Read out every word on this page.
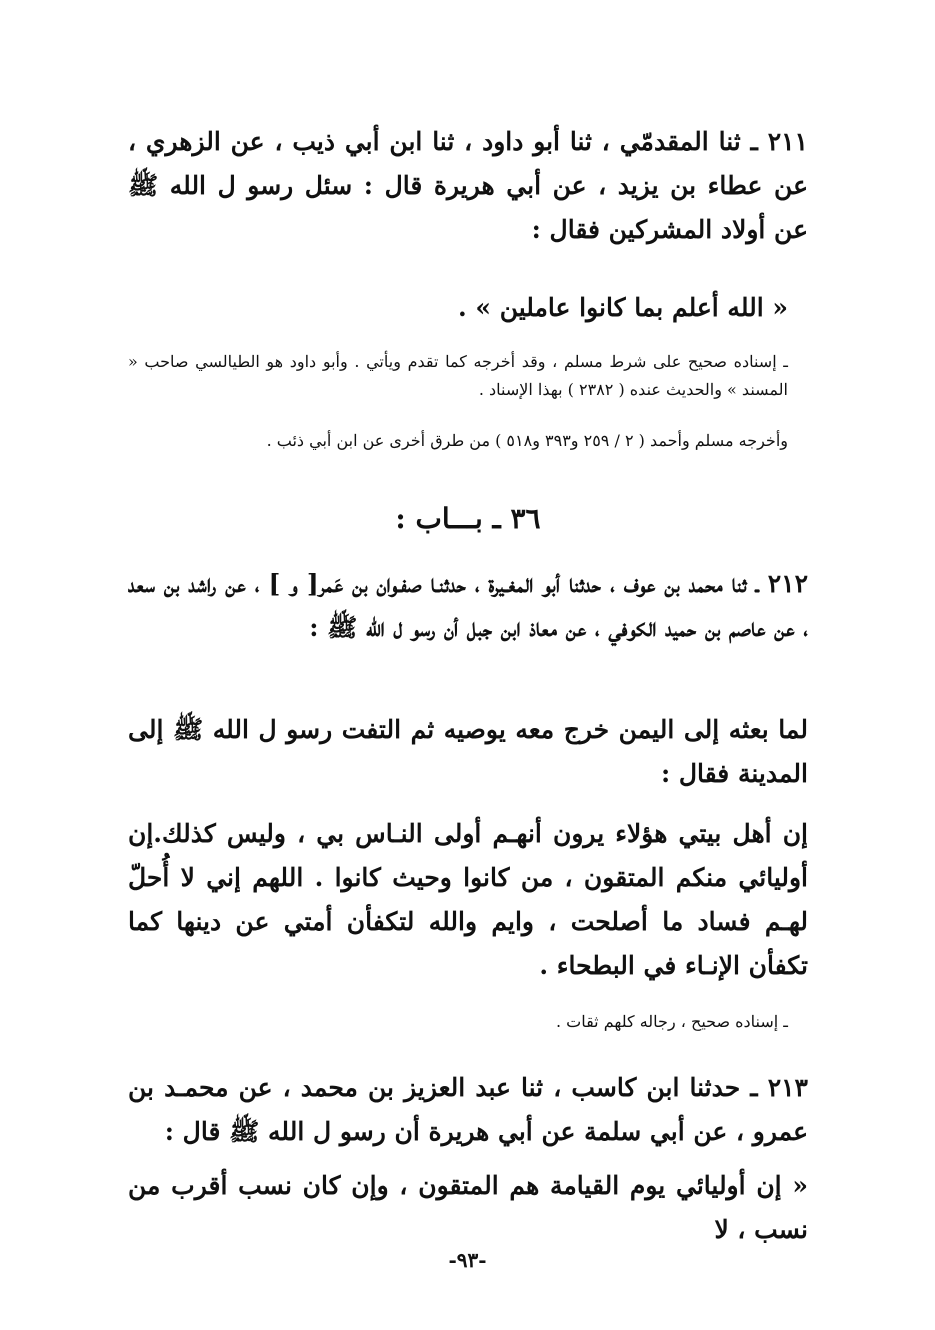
٢١١ ـ ثنا المقدمّي ، ثنا أبو داود ، ثنا ابن أبي ذيب ، عن الزهري ، عن عطاء بن يزيد ، عن أبي هريرة قال : سئل رسو ل الله ﷺ عن أولاد المشركين فقال :

« الله أعلم بما كانوا عاملين » .

ـ إسناده صحيح على شرط مسلم ، وقد أخرجه كما تقدم ويأتي . وأبو داود هو الطيالسي صاحب « المسند » والحديث عنده ( ٢٣٨٢ ) بهذا الإسناد .

وأخرجه مسلم وأحمد ( ٢ / ٢٥٩ و٣٩٣ و٥١٨ ) من طرق أخرى عن ابن أبي ذئب .

٣٦ ـ بـــاب :

٢١٢ ـ ثنا محمد بن عوف ، حدثنا أبو المغـيرة ، حدثنـا صفـوان بن عَمر[ و ] ، عن راشد بن سعد ، عن عاصم بن حميد الكوفي ، عن معاذ ابن جبل أن رسو ل الله ﷺ :

لما بعثه إلى اليمن خرج معه يوصيه ثم التفت رسو ل الله ﷺ إلى المدينة فقال :

إن أهل بيتي هؤلاء يرون أنهـم أولى النـاس بي ، وليس كذلك.إن أوليائي منكم المتقون ، من كانوا وحيث كانوا . اللهم إني لا أُحلّ لهـم فساد ما أصلحت ، وايم والله لتكفأن أمتي عن دينها كما تكفأن الإنـاء في البطحاء .

ـ إسناده صحيح ، رجاله كلهم ثقات .

٢١٣ ـ حدثنا ابن كاسب ، ثنا عبد العزيز بن محمد ، عن محمـد بن عمرو ، عن أبي سلمة عن أبي هريرة أن رسو ل الله ﷺ قال :

« إن أوليائي يوم القيامة هم المتقون ، وإن كان نسب أقرب من نسب ، لا

-٩٣-
